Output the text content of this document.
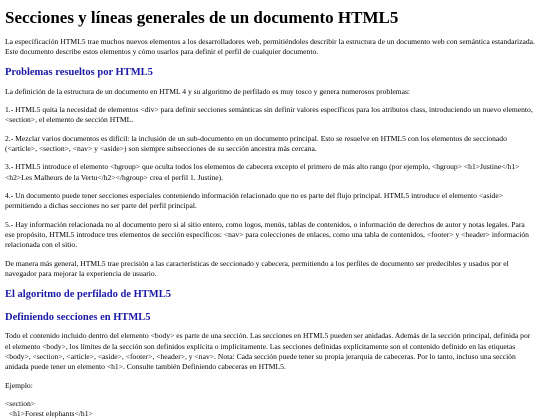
Secciones y líneas generales de un documento HTML5

La especificación HTML5 trae muchos nuevos elementos a los desarrolladores web, permitiéndoles describir la estructura de un documento web con semántica estandarizada. Este documento describe estos elementos y cómo usarlos para definir el perfil de cualquier documento.

Problemas resueltos por HTML5

La definición de la estructura de un documento en HTML 4 y su algoritmo de perfilado es muy tosco y genera numerosos problemas:

1.- HTML5 quita la necesidad de elementos <div> para definir secciones semánticas sin definir valores específicos para los atributos class, introduciendo un nuevo elemento, <section>, el elemento de sección HTML.

2.- Mezclar varios documentos es difícil: la inclusión de un sub-documento en un documento principal. Esto se resuelve en HTML5 con los elementos de seccionado (<article>, <section>, <nav> y <aside>) son siempre subsecciones de su sección ancestra más cercana.

3.- HTML5 introduce el elemento <hgroup> que oculta todos los elementos de cabecera excepto el primero de más alto rango (por ejemplo, <hgroup> <h1>Justine</h1><h2>Les Malheurs de la Vertu</h2></hgroup> crea el perfil 1. Justine).

4.- Un documento puede tener secciones especiales conteniendo información relacionado que no es parte del flujo principal. HTML5 introduce el elemento <aside> permitiendo a dichas secciones no ser parte del perfil principal.

5.- Hay información relacionada no al documento pero si al sitio entero, como logos, menús, tablas de contenidos, o información de derechos de autor y notas legales. Para ese propósito, HTML5 introduce tres elementos de sección específicos: <nav> para colecciones de enlaces, como una tabla de contenidos, <footer> y <header> información relacionada con el sitio.

De manera más general, HTML5 trae precisión a las características de seccionado y cabecera, permitiendo a los perfiles de documento ser predecibles y usados por el navegador para mejorar la experiencia de usuario.

El algoritmo de perfilado de HTML5
Definiendo secciones en HTML5

Todo el contenido incluido dentro del elemento <body> es parte de una sección. Las secciones en HTML5 pueden ser anidadas. Además de la sección principal, definida por el elemento <body>, los límites de la sección son definidos explícita o implícitamente. Las secciones definidas explícitamente son el contenido definido en las etiquetas <body>, <section>, <article>, <aside>, <footer>, <header>, y <nav>. Nota: Cada sección puede tener su propia jerarquía de cabeceras. Por lo tanto, incluso una sección anidada puede tener un elemento <h1>. Consulte también Definiendo cabeceras en HTML5.

Ejemplo:

<section>
<h1>Forest elephants</h1>
